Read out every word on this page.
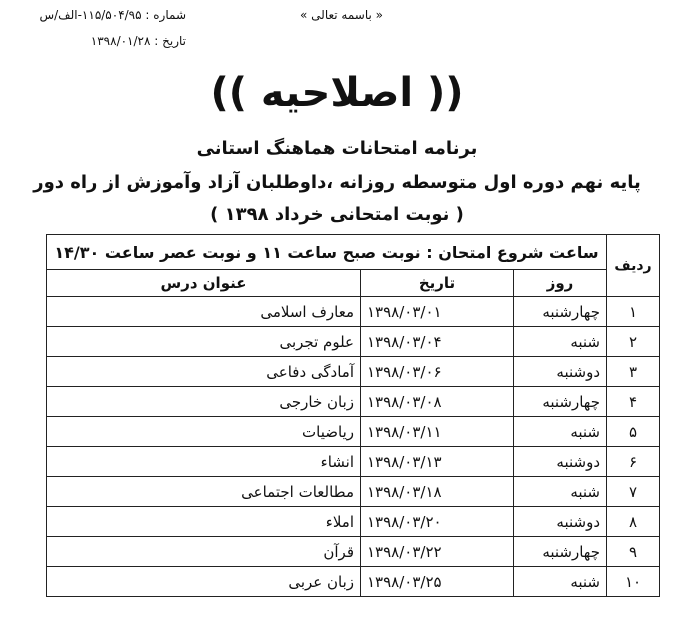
« باسمه تعالی »
شماره : ۱۱۵/۵۰۴/۹۵-الف/س
تاریخ : ۱۳۹۸/۰۱/۲۸
(( اصلاحیه ))
برنامه امتحانات هماهنگ استانی
پایه نهم دوره اول متوسطه روزانه ،داوطلبان آزاد وآموزش از راه دور
( نوبت امتحانی خرداد ۱۳۹۸ )
ردیف	ساعت شروع امتحان : نوبت صبح ساعت ۱۱ و نوبت عصر ساعت ۱۴/۳۰		
	روز	تاریخ	عنوان درس
۱	چهارشنبه	۱۳۹۸/۰۳/۰۱	معارف اسلامی
۲	شنبه	۱۳۹۸/۰۳/۰۴	علوم تجربی
۳	دوشنبه	۱۳۹۸/۰۳/۰۶	آمادگی دفاعی
۴	چهارشنبه	۱۳۹۸/۰۳/۰۸	زبان خارجی
۵	شنبه	۱۳۹۸/۰۳/۱۱	ریاضیات
۶	دوشنبه	۱۳۹۸/۰۳/۱۳	انشاء
۷	شنبه	۱۳۹۸/۰۳/۱۸	مطالعات اجتماعی
۸	دوشنبه	۱۳۹۸/۰۳/۲۰	املاء
۹	چهارشنبه	۱۳۹۸/۰۳/۲۲	قرآن
۱۰	شنبه	۱۳۹۸/۰۳/۲۵	زبان عربی
